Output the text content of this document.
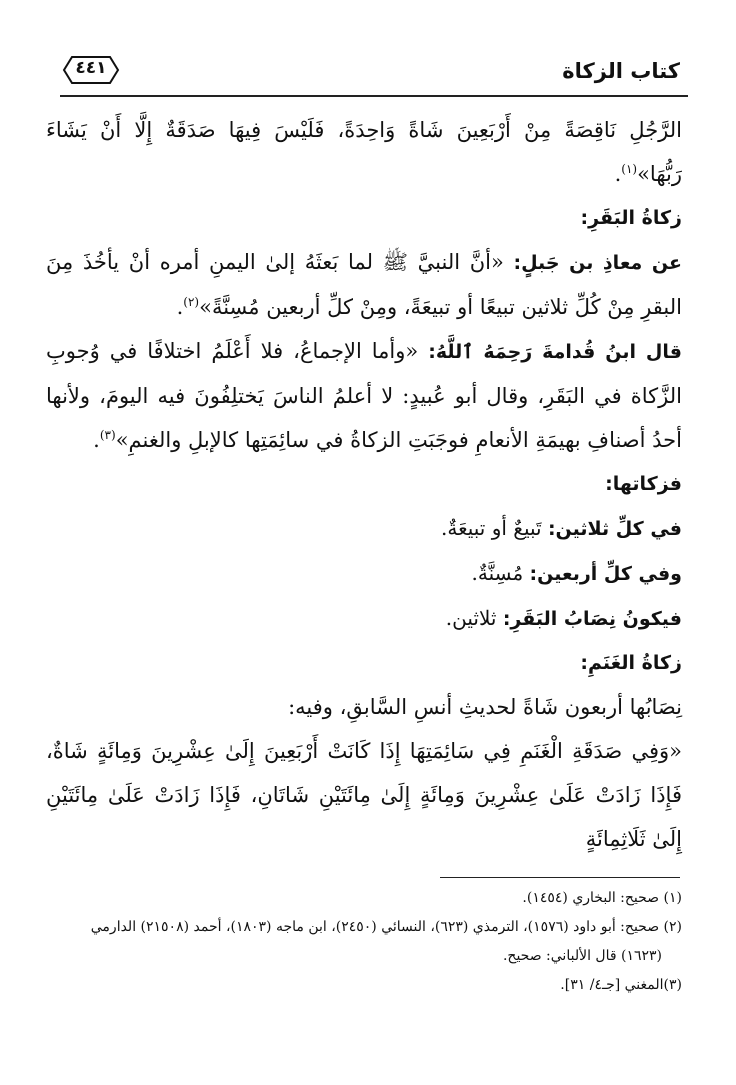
كتاب الزكاة
٤٤١

الرَّجُلِ نَاقِصَةً مِنْ أَرْبَعِينَ شَاةً وَاحِدَةً، فَلَيْسَ فِيهَا صَدَقَةٌ إِلَّا أَنْ يَشَاءَ رَبُّهَا»$^{(١)}$.

زكاةُ البَقَرِ:

عن معاذِ بن جَبلٍ: «أنَّ النبيَّ ﷺ لما بَعثَهُ إلىٰ اليمنِ أمره أنْ يأخُذَ مِنَ البقرِ مِنْ كُلِّ ثلاثين تبيعًا أو تبيعَةً، ومِنْ كلِّ أربعين مُسِنَّةً»$^{(٢)}$.

قال ابنُ قُدامةَ رَحِمَهُ ٱللَّهُ: «وأما الإجماعُ، فلا أَعْلَمُ اختلافًا في وُجوبِ الزَّكاة في البَقَرِ، وقال أبو عُبيدٍ: لا أعلمُ الناسَ يَختلِفُونَ فيه اليومَ، ولأنها أحدُ أصنافِ بهيمَةِ الأنعامِ فوجَبَتِ الزكاةُ في سائِمَتِها كالإبلِ والغنمِ»$^{(٣)}$.

فزكاتها:

في كلِّ ثلاثين: تَبيعٌ أو تبيعَةٌ.

وفي كلِّ أربعين: مُسِنَّةٌ.

فيكونُ نِصَابُ البَقَرِ: ثلاثين.

زكاةُ الغَنَمِ:

نِصَابُها أربعون شَاةً لحديثِ أنسِ السَّابقِ، وفيه:

«وَفِي صَدَقَةِ الْغَنَمِ فِي سَائِمَتِهَا إِذَا كَانَتْ أَرْبَعِينَ إِلَىٰ عِشْرِينَ وَمِائَةٍ شَاةٌ، فَإِذَا زَادَتْ عَلَىٰ عِشْرِينَ وَمِائَةٍ إِلَىٰ مِائَتَيْنِ شَاتَانِ، فَإِذَا زَادَتْ عَلَىٰ مِائَتَيْنِ إِلَىٰ ثَلَاثِمِائَةٍ

(١) صحيح: البخاري (١٤٥٤).

(٢) صحيح: أبو داود (١٥٧٦)، الترمذي (٦٢٣)، النسائي (٢٤٥٠)، ابن ماجه (١٨٠٣)، أحمد (٢١٥٠٨) الدارمي

(١٦٢٣) قال الألباني: صحيح.

(٣)المغني [جـ٤/ ٣١].
